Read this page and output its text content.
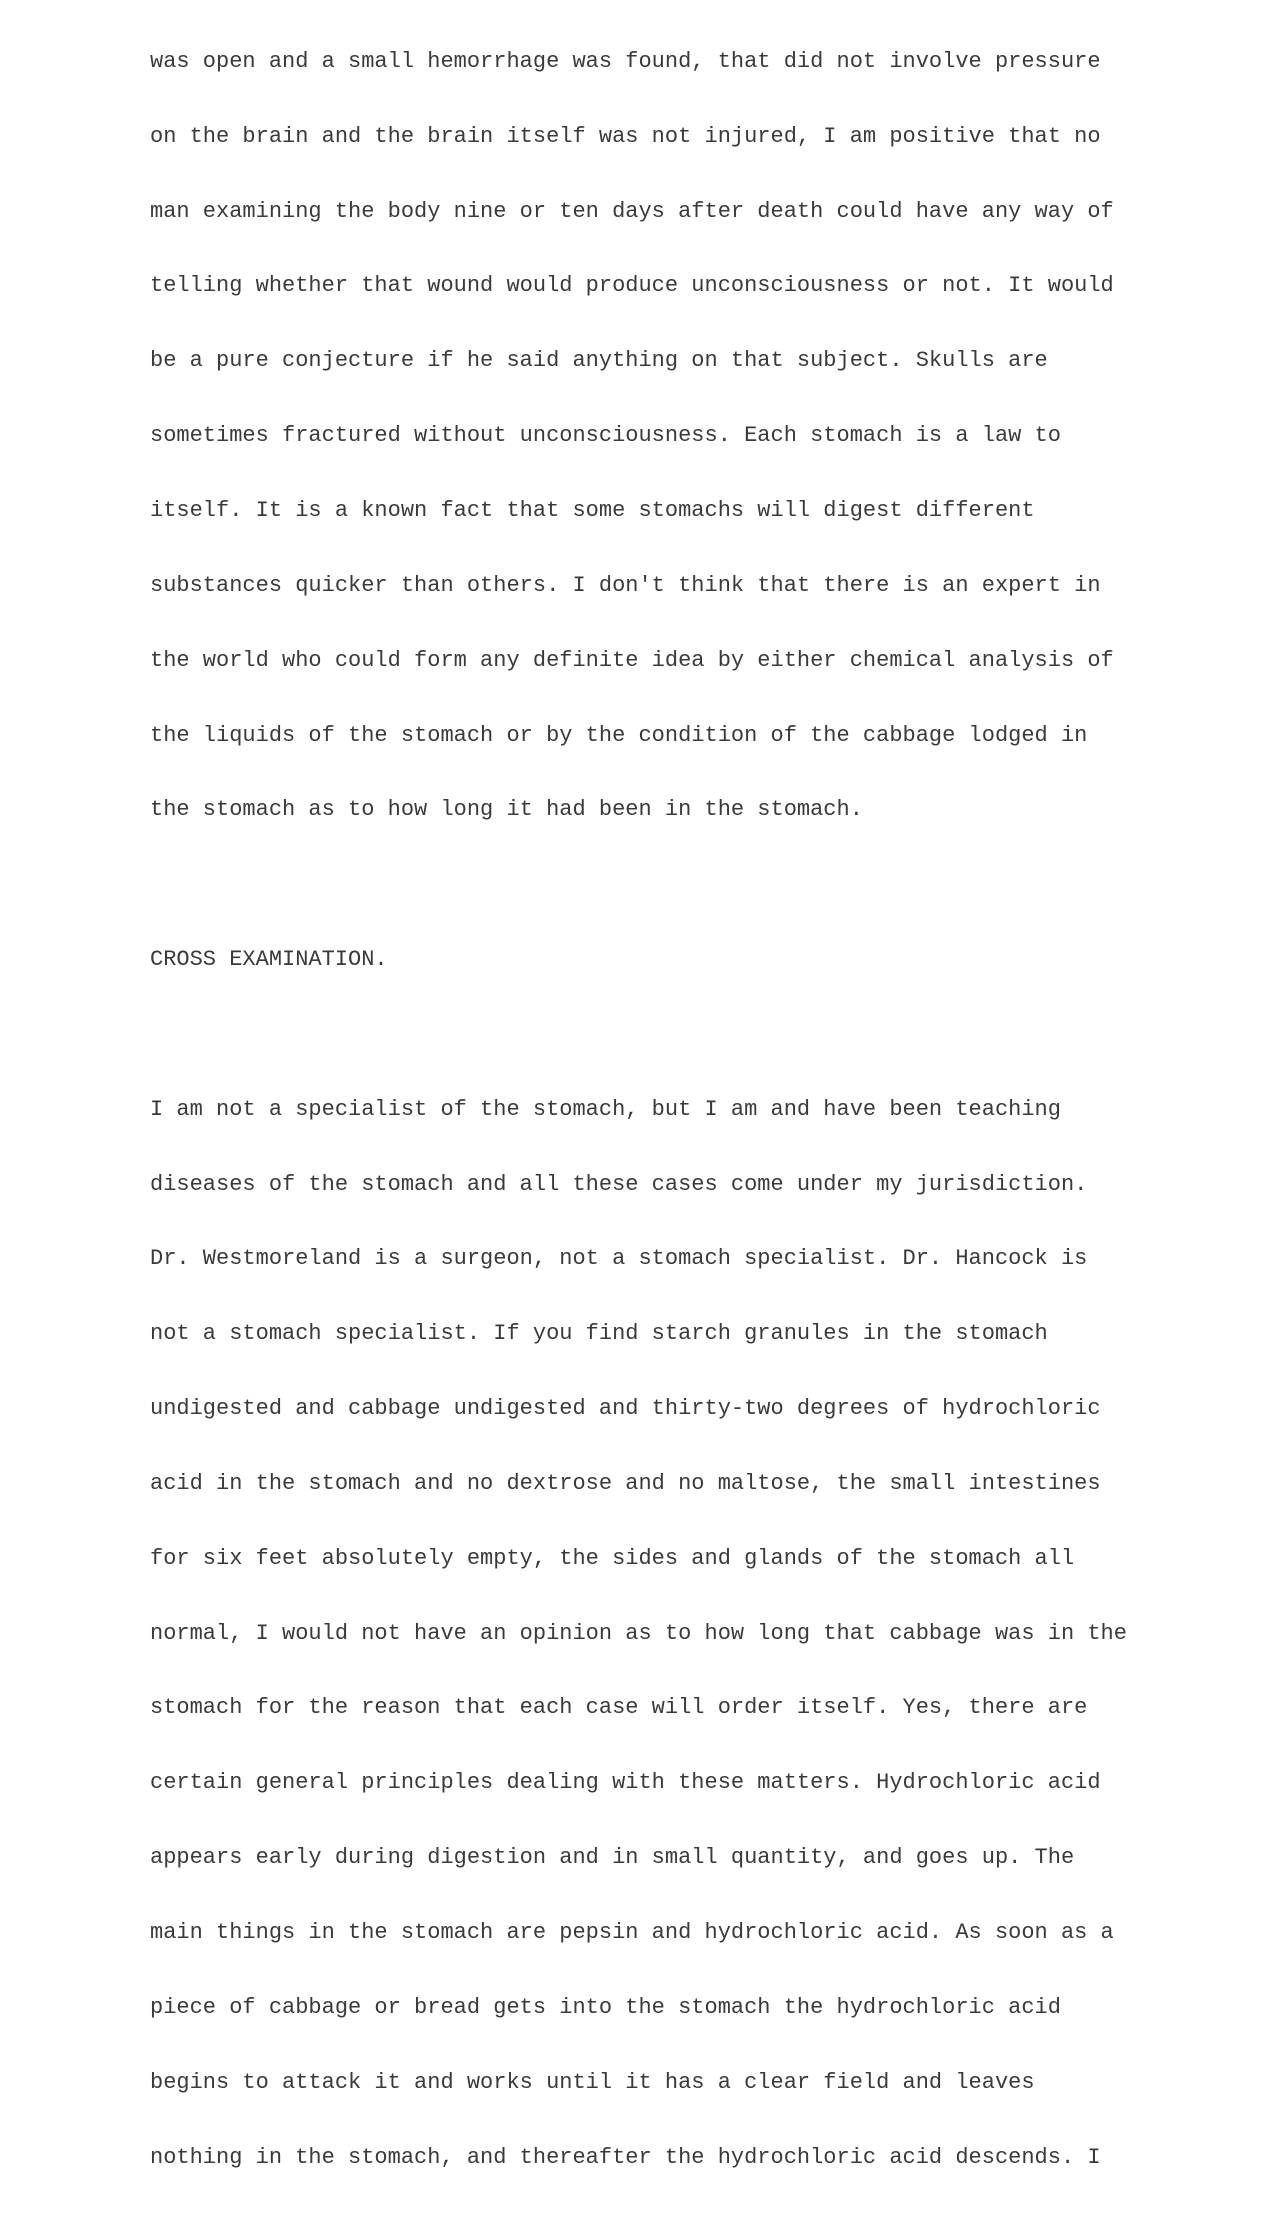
was open and a small hemorrhage was found, that did not involve pressure

on the brain and the brain itself was not injured, I am positive that no

man examining the body nine or ten days after death could have any way of

telling whether that wound would produce unconsciousness or not. It would

be a pure conjecture if he said anything on that subject. Skulls are

sometimes fractured without unconsciousness. Each stomach is a law to

itself. It is a known fact that some stomachs will digest different

substances quicker than others. I don't think that there is an expert in

the world who could form any definite idea by either chemical analysis of

the liquids of the stomach or by the condition of the cabbage lodged in

the stomach as to how long it had been in the stomach.

CROSS EXAMINATION.

I am not a specialist of the stomach, but I am and have been teaching

diseases of the stomach and all these cases come under my jurisdiction.

Dr. Westmoreland is a surgeon, not a stomach specialist. Dr. Hancock is

not a stomach specialist. If you find starch granules in the stomach

undigested and cabbage undigested and thirty-two degrees of hydrochloric

acid in the stomach and no dextrose and no maltose, the small intestines

for six feet absolutely empty, the sides and glands of the stomach all

normal, I would not have an opinion as to how long that cabbage was in the

stomach for the reason that each case will order itself. Yes, there are

certain general principles dealing with these matters. Hydrochloric acid

appears early during digestion and in small quantity, and goes up. The

main things in the stomach are pepsin and hydrochloric acid. As soon as a

piece of cabbage or bread gets into the stomach the hydrochloric acid

begins to attack it and works until it has a clear field and leaves

nothing in the stomach, and thereafter the hydrochloric acid descends. I
